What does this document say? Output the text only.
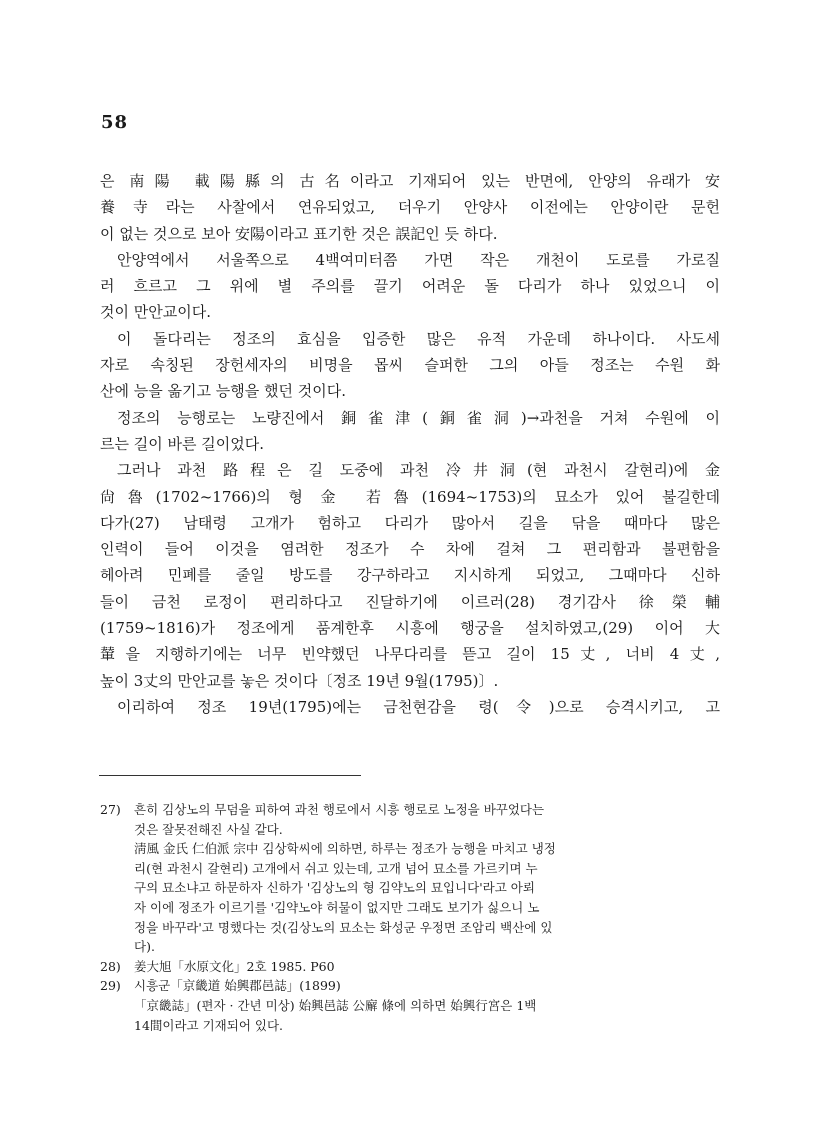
58
은 南陽 載陽縣의 古名이라고 기재되어 있는 반면에, 안양의 유래가 安
養寺라는 사찰에서 연유되었고, 더우기 안양사 이전에는 안양이란 문헌
이 없는 것으로 보아 安陽이라고 표기한 것은 誤記인 듯 하다.
안양역에서 서울쪽으로 4백여미터쯤 가면 작은 개천이 도로를 가로질
러 흐르고 그 위에 별 주의를 끌기 어려운 돌 다리가 하나 있었으니 이
것이 만안교이다.
이 돌다리는 정조의 효심을 입증한 많은 유적 가운데 하나이다. 사도세
자로 속칭된 장헌세자의 비명을 몹씨 슬퍼한 그의 아들 정조는 수원 화
산에 능을 옮기고 능행을 했던 것이다.
정조의 능행로는 노량진에서 銅雀津(銅雀洞)→과천을 거쳐 수원에 이
르는 길이 바른 길이었다.
그러나 과천 路程은 길 도중에 과천 冷井洞(현 과천시 갈현리)에 金
尙魯(1702~1766)의 형 金 若魯(1694~1753)의 묘소가 있어 불길한데
다가(27) 남태령 고개가 험하고 다리가 많아서 길을 닦을 때마다 많은
인력이 들어 이것을 염려한 정조가 수 차에 걸쳐 그 편리함과 불편함을
헤아려 민폐를 줄일 방도를 강구하라고 지시하게 되었고, 그때마다 신하
들이 금천 로정이 편리하다고 진달하기에 이르러(28) 경기감사 徐榮輔
(1759~1816)가 정조에게 품계한후 시흥에 행궁을 설치하였고,(29) 이어 大
輦을 지행하기에는 너무 빈약했던 나무다리를 뜯고 길이 15丈, 너비 4丈,
높이 3丈의 만안교를 놓은 것이다〔정조 19년 9월(1795)〕.
이리하여 정조 19년(1795)에는 금천현감을 령(令)으로 승격시키고, 고
27) 흔히 김상노의 무덤을 피하여 과천 행로에서 시흥 행로로 노정을 바꾸었다는
것은 잘못전해진 사실 같다.
淸風 金氏 仁伯派 宗中 김상학씨에 의하면, 하루는 정조가 능행을 마치고 냉정
리(현 과천시 갈현리) 고개에서 쉬고 있는데, 고개 넘어 묘소를 가르키며 누
구의 묘소냐고 하문하자 신하가 '김상노의 형 김약노의 묘입니다'라고 아뢰
자 이에 정조가 이르기를 '김약노야 허물이 없지만 그래도 보기가 싫으니 노
정을 바꾸라'고 명했다는 것(김상노의 묘소는 화성군 우정면 조암리 백산에 있
다).
28) 姜大旭「水原文化」2호 1985. P60
29) 시흥군「京畿道 始興郡邑誌」(1899)
「京畿誌」(편자 · 간년 미상) 始興邑誌 公廨 條에 의하면 始興行宮은 1백
14間이라고 기재되어 있다.
